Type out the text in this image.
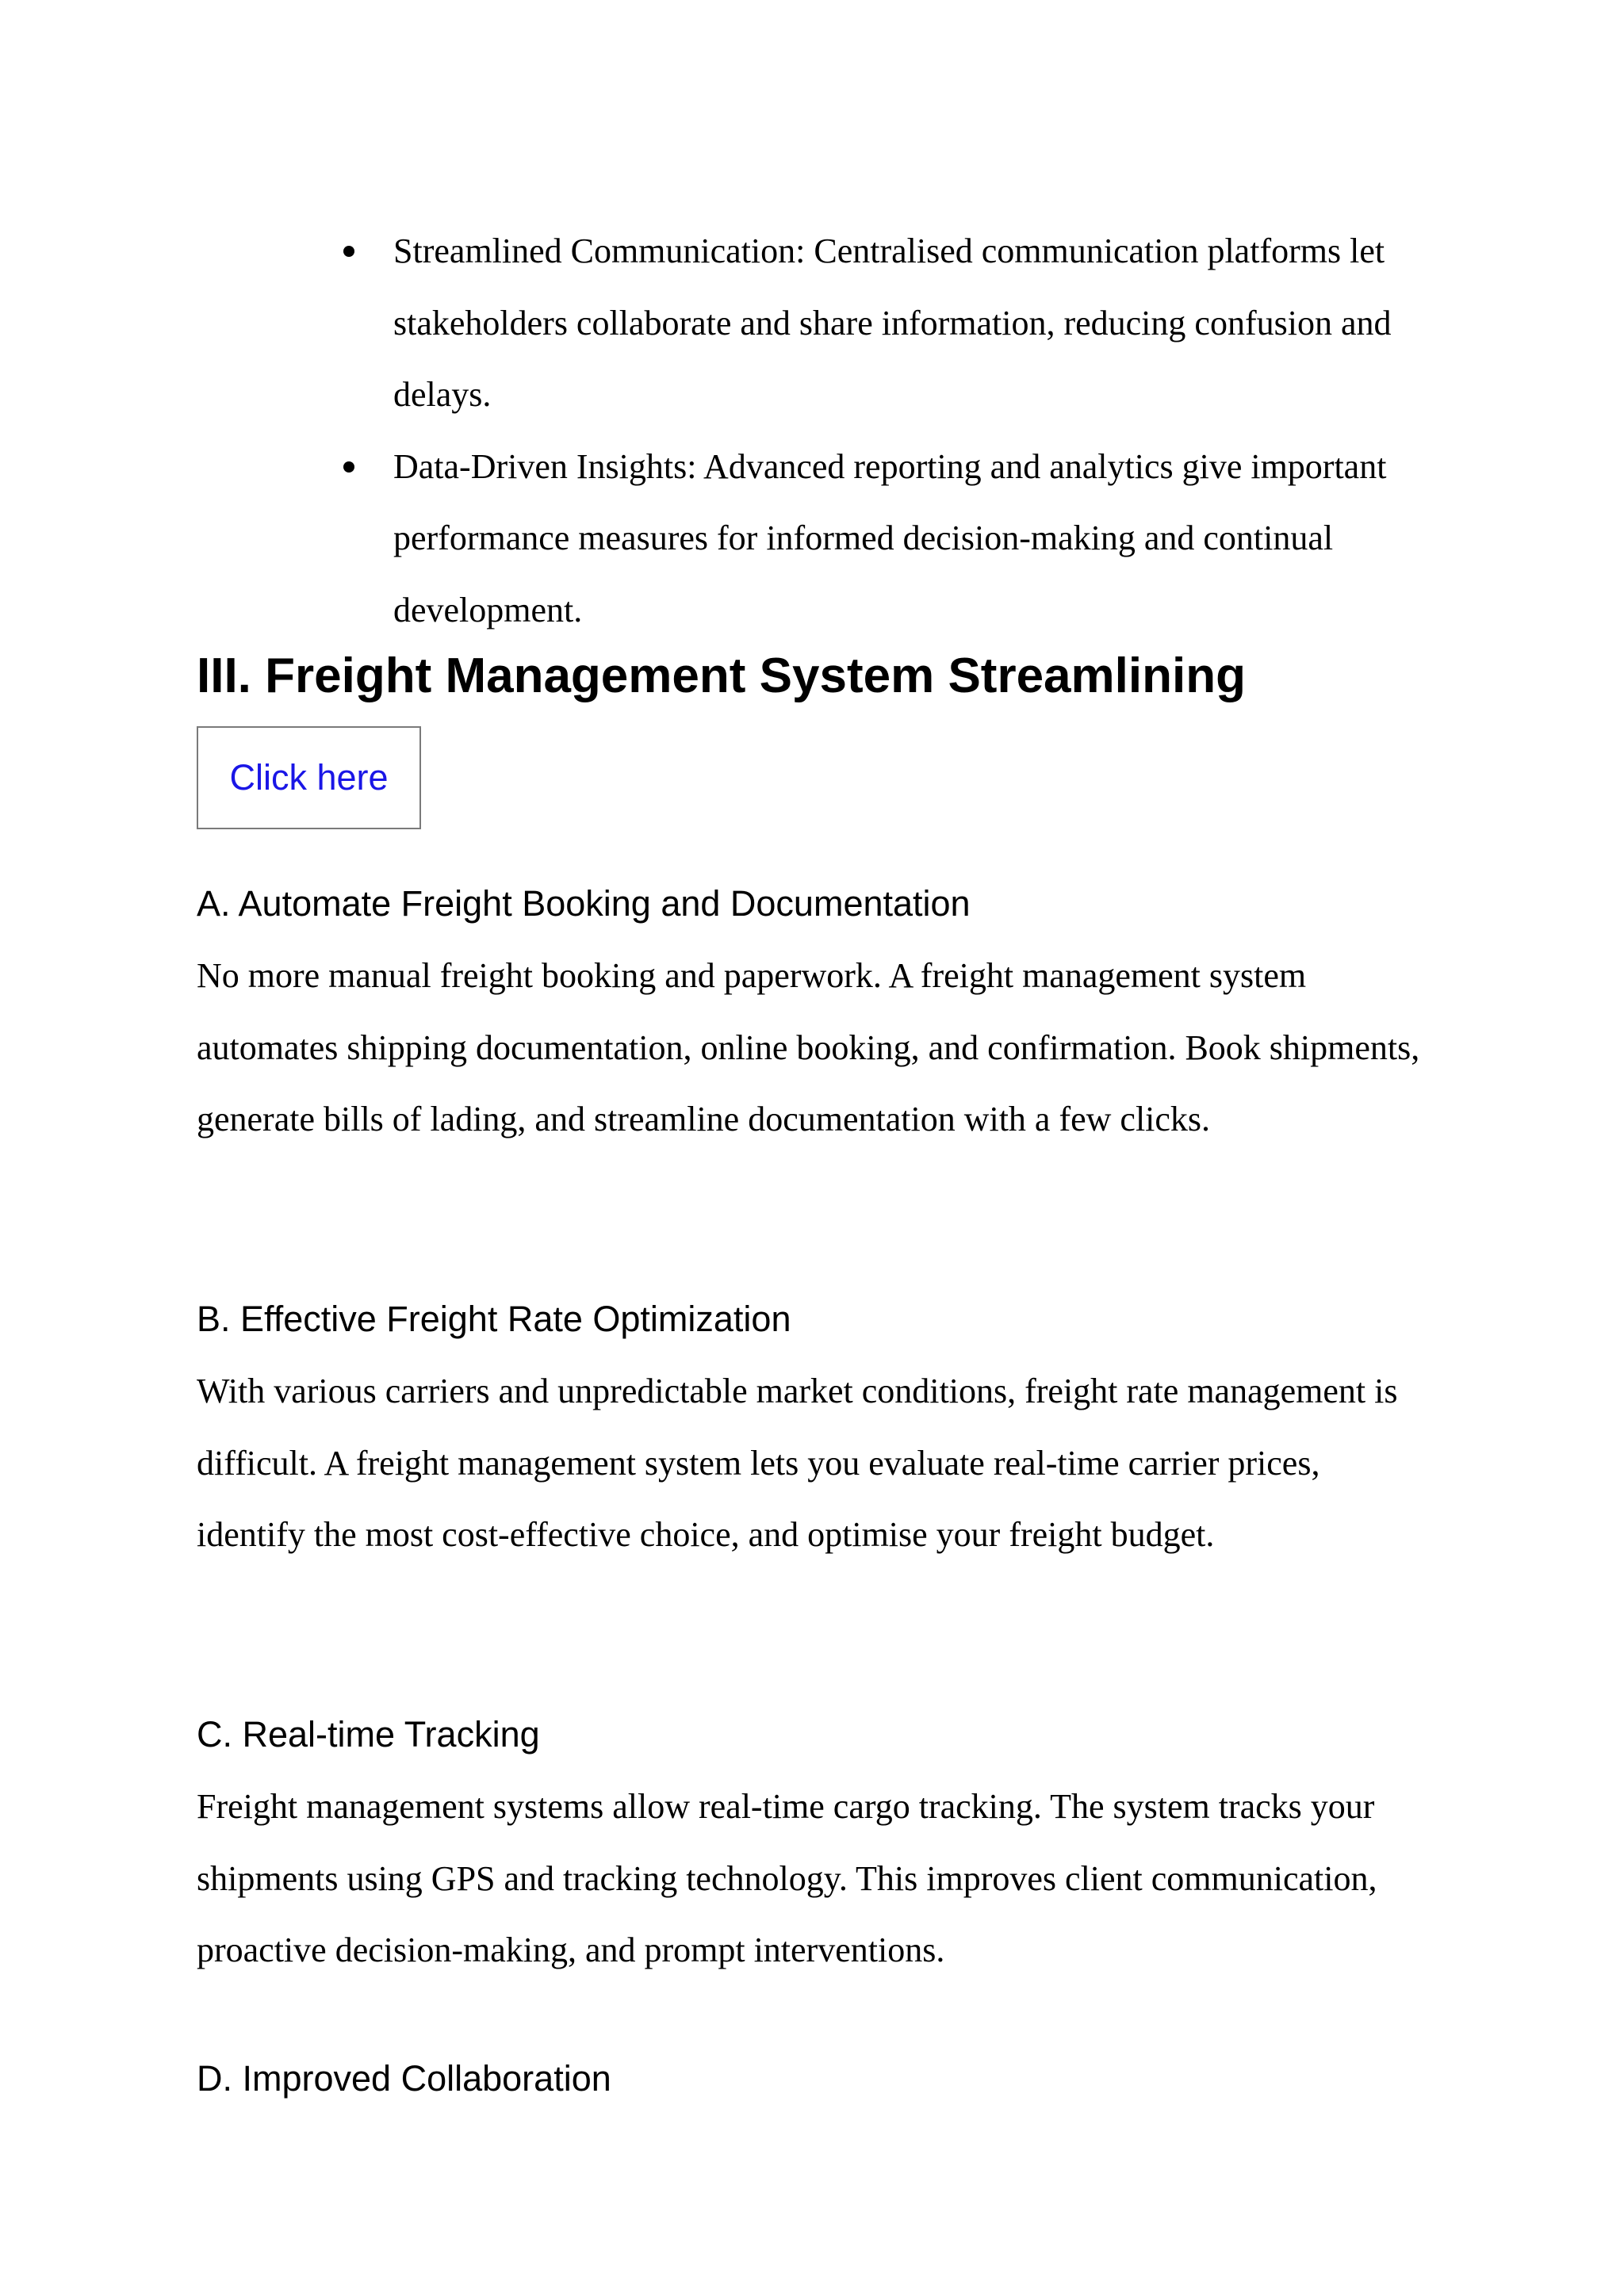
Streamlined Communication: Centralised communication platforms let stakeholders collaborate and share information, reducing confusion and delays.
Data-Driven Insights: Advanced reporting and analytics give important performance measures for informed decision-making and continual development.
III. Freight Management System Streamlining
Click here
A. Automate Freight Booking and Documentation

No more manual freight booking and paperwork. A freight management system automates shipping documentation, online booking, and confirmation. Book shipments, generate bills of lading, and streamline documentation with a few clicks.

B. Effective Freight Rate Optimization

With various carriers and unpredictable market conditions, freight rate management is difficult. A freight management system lets you evaluate real-time carrier prices, identify the most cost-effective choice, and optimise your freight budget.

C. Real-time Tracking

Freight management systems allow real-time cargo tracking. The system tracks your shipments using GPS and tracking technology. This improves client communication, proactive decision-making, and prompt interventions.

D. Improved Collaboration
